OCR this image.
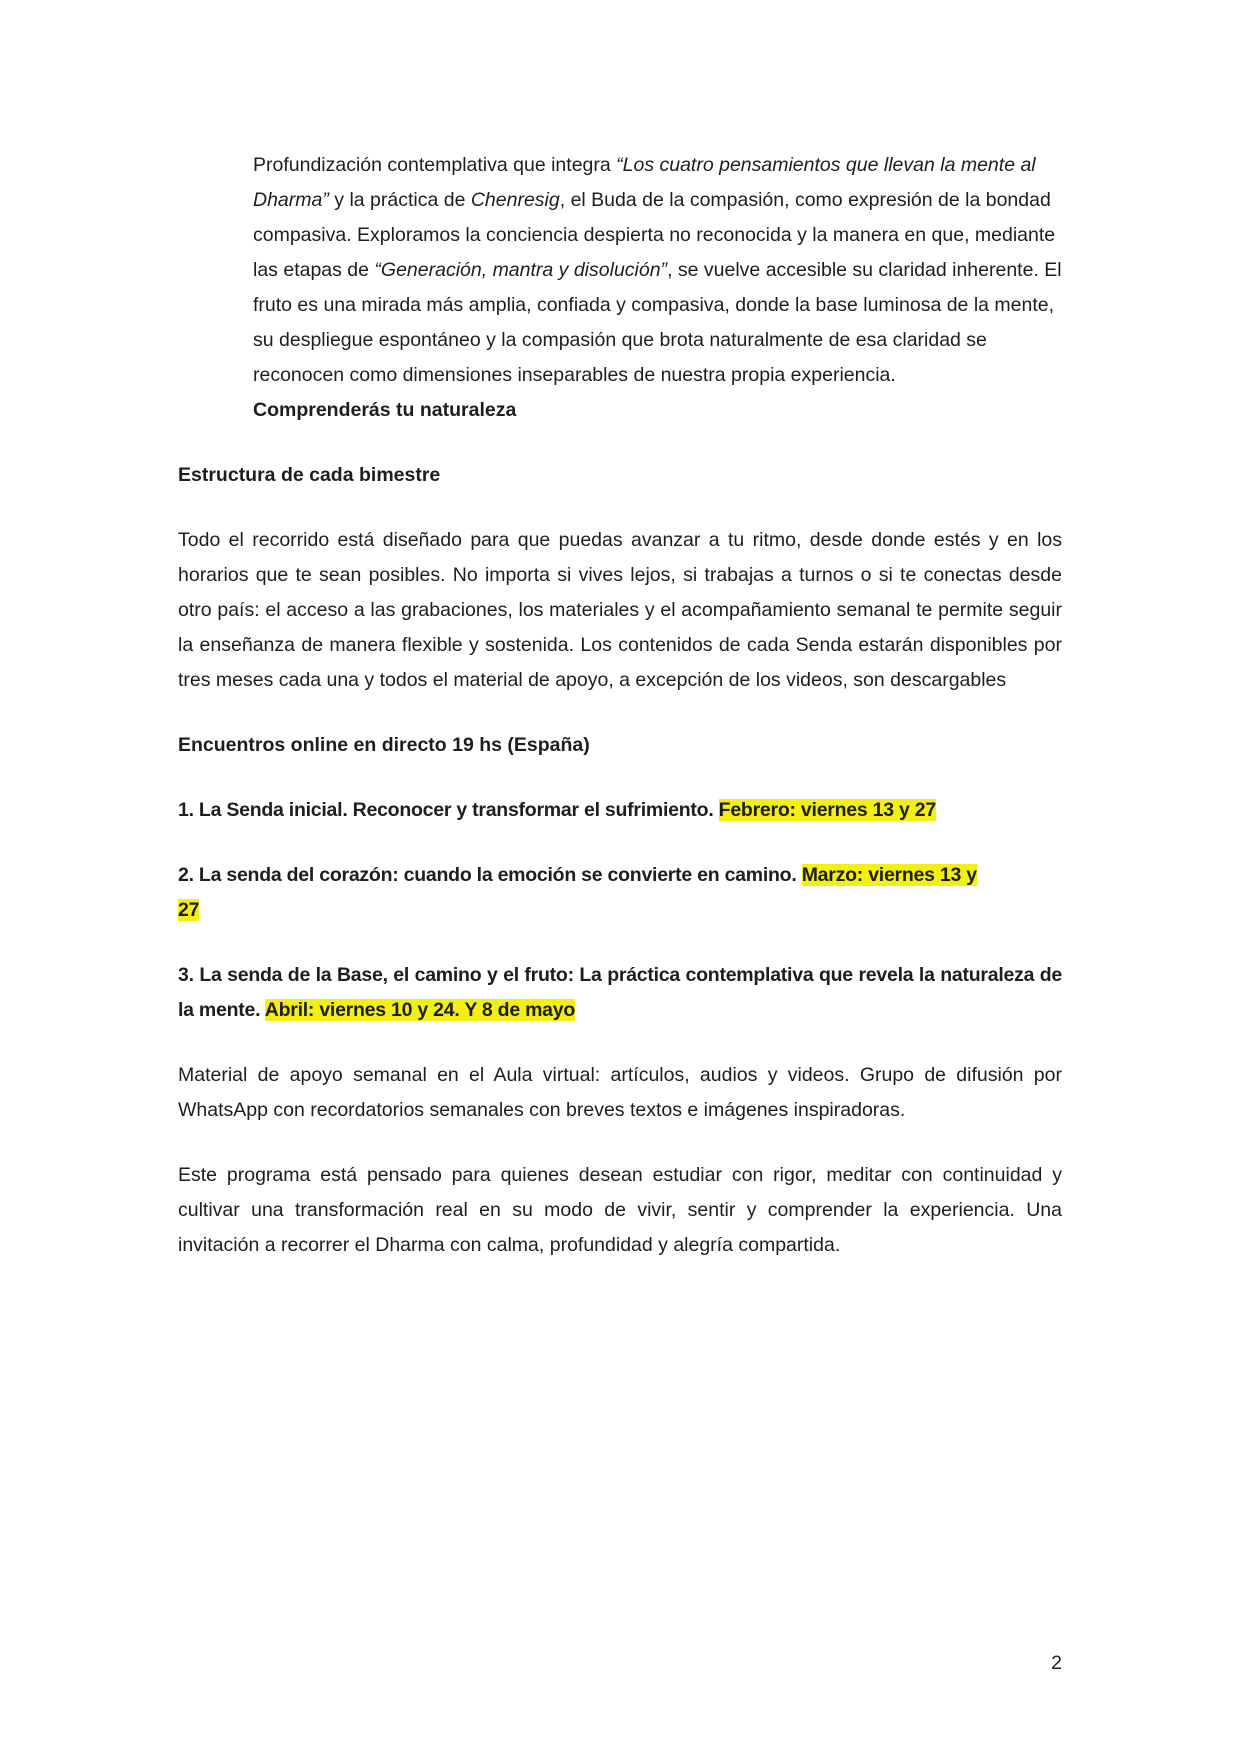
Profundización contemplativa que integra “Los cuatro pensamientos que llevan la mente al Dharma” y la práctica de Chenresig, el Buda de la compasión, como expresión de la bondad compasiva. Exploramos la conciencia despierta no reconocida y la manera en que, mediante las etapas de “Generación, mantra y disolución”, se vuelve accesible su claridad inherente. El fruto es una mirada más amplia, confiada y compasiva, donde la base luminosa de la mente, su despliegue espontáneo y la compasión que brota naturalmente de esa claridad se reconocen como dimensiones inseparables de nuestra propia experiencia.
Comprenderás tu naturaleza

Estructura de cada bimestre

Todo el recorrido está diseñado para que puedas avanzar a tu ritmo, desde donde estés y en los horarios que te sean posibles. No importa si vives lejos, si trabajas a turnos o si te conectas desde otro país: el acceso a las grabaciones, los materiales y el acompañamiento semanal te permite seguir la enseñanza de manera flexible y sostenida. Los contenidos de cada Senda estarán disponibles por tres meses cada una y todos el material de apoyo, a excepción de los videos, son descargables

Encuentros online en directo 19 hs (España)

1. La Senda inicial. Reconocer y transformar el sufrimiento. Febrero: viernes 13 y 27

2. La senda del corazón: cuando la emoción se convierte en camino. Marzo: viernes 13 y
27

3. La senda de la Base, el camino y el fruto: La práctica contemplativa que revela la naturaleza de la mente. Abril: viernes 10 y 24. Y 8 de mayo

Material de apoyo semanal en el Aula virtual: artículos, audios y videos. Grupo de difusión por WhatsApp con recordatorios semanales con breves textos e imágenes inspiradoras.

Este programa está pensado para quienes desean estudiar con rigor, meditar con continuidad y cultivar una transformación real en su modo de vivir, sentir y comprender la experiencia. Una invitación a recorrer el Dharma con calma, profundidad y alegría compartida.

2
